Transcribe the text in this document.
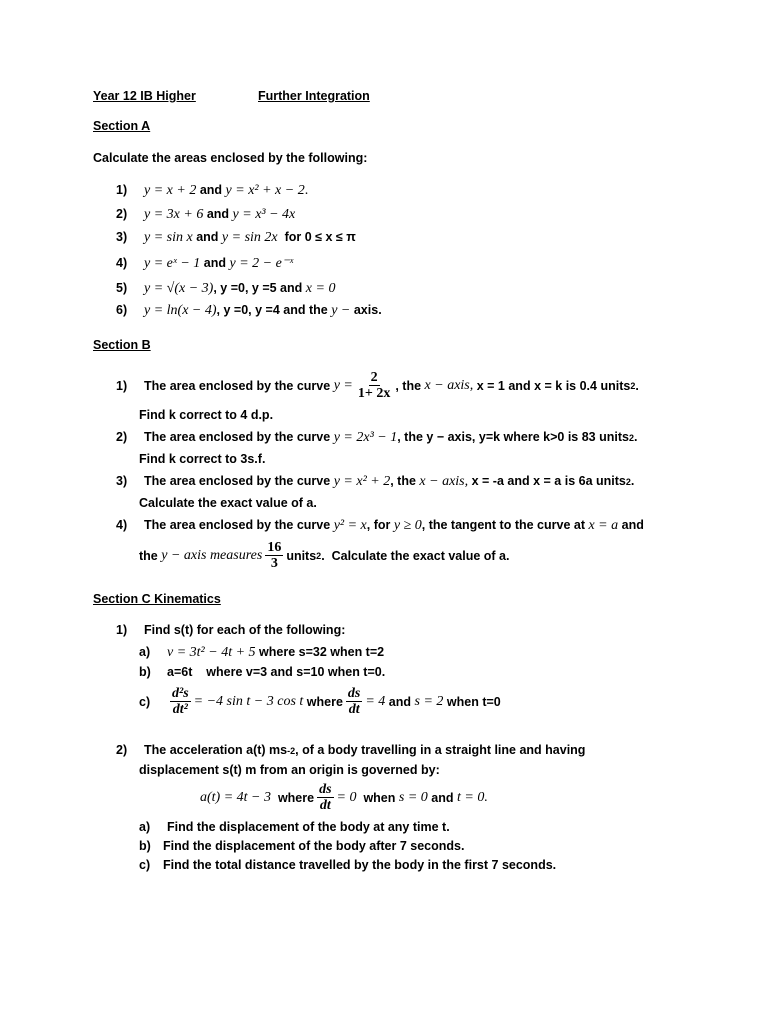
Year 12 IB Higher	Further Integration
Section A
Calculate the areas enclosed by the following:
1)	y = x + 2
and
y = x² + x − 2 .
2)	y = 3x + 6
and
y = x³ − 4x
3)	y = sin x
and
y = sin 2x
for 0 ≤ x ≤ π
4)	y = eˣ − 1
and
y = 2 − e⁻ˣ
5)	y = √(x − 3) , y =0, y =5 and
x = 0
6)	y = ln(x − 4) , y =0, y =4 and the
y −
axis.
Section B
1)	The area enclosed by the curve
$y = \frac{2}{1+ 2x}$ , the
x − axis,
x = 1 and
x = k is 0.4 units 2 .
Find k correct to 4 d.p.
2)	The area enclosed by the curve
y = 2x³ − 1 , the
y − axis, y=k where k>0 is 83 units 2 .
Find k correct to 3s.f.
3)	The area enclosed by the curve
y = x² + 2 , the
x − axis,
x = -a and
x = a is 6a units 2 .
Calculate the exact value of a.
4)	The area enclosed by the curve
y² = x , for
y ≥ 0 , the tangent to the curve at
x = a
and
the
y − axis measures $\frac{16}{3}$ units 2 . Calculate the exact value of a.
Section C Kinematics
1)	Find s(t) for each of the following:
a)	v = 3t² − 4t + 5
where s=32 when t=2
b)	a=6t
where v=3 and s=10 when t=0.
c)	$\frac{\text{d²s}}{\text{dt²}} = -4$ sin t − 3 cos t
where $\frac{ds}{dt} = 4$
and
s = 2
when t=0
2)	The acceleration a(t) ms -2 , of a body travelling in a straight line and having
displacement s(t) m from an origin is governed by:
a(t) = 4t − 3
where $\frac{ds}{dt} = 0$
when
s = 0
and
t = 0.
a)	Find the displacement of the body at any time t.
b) Find the displacement of the body after 7 seconds.
c)	Find the total distance travelled by the body in the first 7 seconds.
